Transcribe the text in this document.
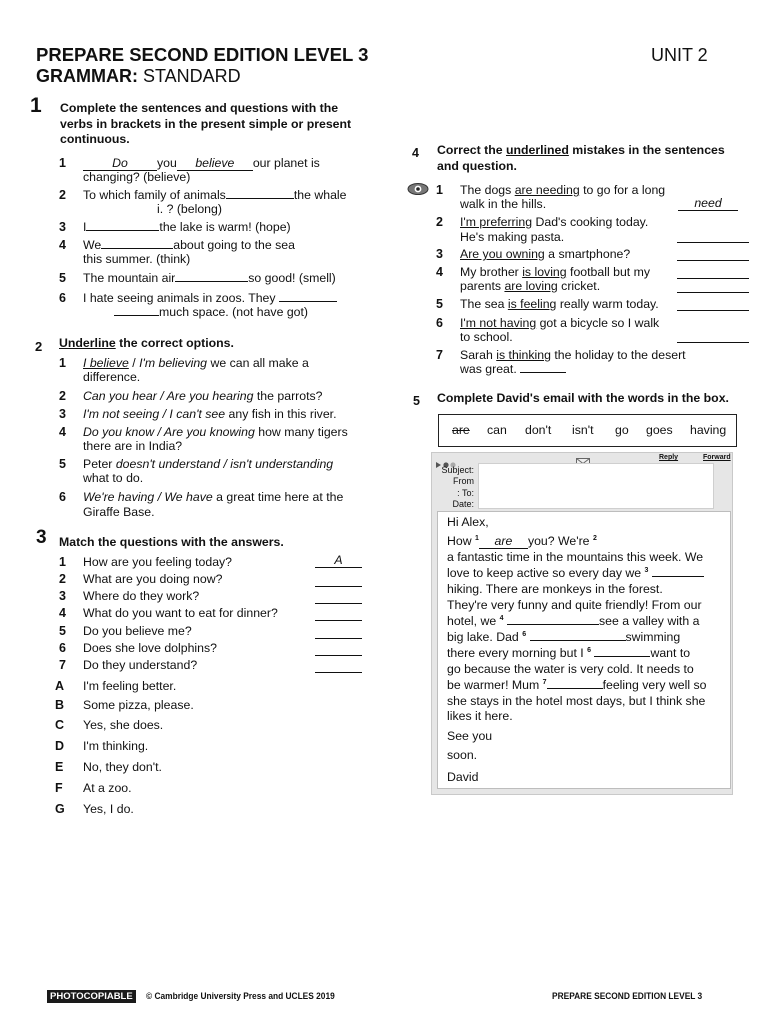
PREPARE SECOND EDITION LEVEL 3	UNIT 2
GRAMMAR: STANDARD
1 Complete the sentences and questions with the
verbs in brackets in the present simple or present
continuous.
1	Do you believe our planet is
changing? (believe)
2 To which family of animals	the whale
i. ? (belong)
3 I	the lake is warm! (hope)
4 We	about going to the sea
this summer. (think)
5 The mountain air	so good! (smell)
6 I hate seeing animals in zoos. They
much space. (not have got)
2 Underline the correct options.
1 I believe / I'm believing we can all make a
difference.
2 Can you hear / Are you hearing the parrots?
3 I'm not seeing / I can't see any fish in this river.
4 Do you know / Are you knowing how many tigers
there are in India?
5 Peter doesn't understand / isn't understanding
what to do.
6 We're having / We have a great time here at the
Giraffe Base.
3 Match the questions with the answers.
1 How are you feeling today?	A
2 What are you doing now?
3 Where do they work?
4 What do you want to eat for dinner?
5 Do you believe me?
6 Does she love dolphins?
7 Do they understand?
A I'm feeling better.
B Some pizza, please.
C Yes, she does.
D I'm thinking.
E No, they don't.
F At a zoo.
G Yes, I do.
4 Correct the underlined mistakes in the sentences
and question.
1 The dogs are needing to go for a long
walk in the hills.	need
2 I'm preferring Dad's cooking today.
He's making pasta.
3 Are you owning a smartphone?
4 My brother is loving football but my
parents are loving cricket.
5 The sea is feeling really warm today.
6 I'm not having got a bicycle so I walk
to school.
7 Sarah is thinking the holiday to the desert
was great.
5 Complete David's email with the words in the box.
are can don't isn't go goes having
Reply	Forward
Subject:
From
: To:
Date:
Hi Alex,
How $^1$ are you? We're $^2$
a fantastic time in the mountains this week. We
love to keep active so every day we $^3$
hiking. There are monkeys in the forest.
They're very funny and quite friendly! From our
hotel, we $^4$	see a valley with a
big lake. Dad $^6$	swimming
there every morning but I $^6$	want to
go because the water is very cold. It needs to
be warmer! Mum $^7$	feeling very well so
she stays in the hotel most days, but I think she
likes it here.
See you
soon.
David
PHOTOCOPIABLE	© Cambridge University Press and UCLES 2019	PREPARE SECOND EDITION LEVEL 3
